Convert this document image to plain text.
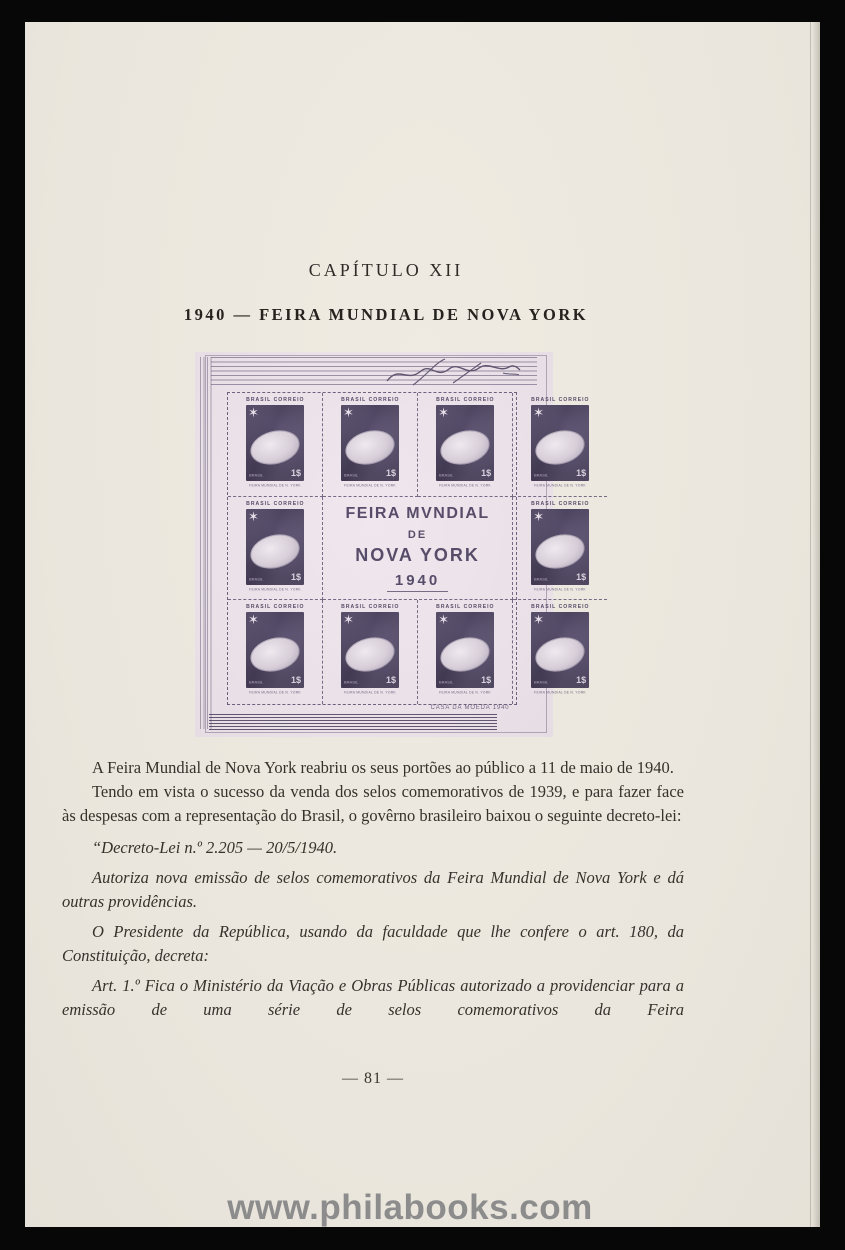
CAPÍTULO XII
1940 — FEIRA MUNDIAL DE NOVA YORK
BRASIL CORREIO
✶
BRASIL	1$
FEIRA MUNDIAL DE N. YORK
BRASIL CORREIO
✶
BRASIL	1$
FEIRA MUNDIAL DE N. YORK
BRASIL CORREIO
✶
BRASIL	1$
FEIRA MUNDIAL DE N. YORK
BRASIL CORREIO
✶
BRASIL	1$
FEIRA MUNDIAL DE N. YORK
BRASIL CORREIO
✶
BRASIL	1$
FEIRA MUNDIAL DE N. YORK
FEIRA MVNDIAL
DE
NOVA YORK
1940
BRASIL CORREIO
✶
BRASIL	1$
FEIRA MUNDIAL DE N. YORK
BRASIL CORREIO
✶
BRASIL	1$
FEIRA MUNDIAL DE N. YORK
BRASIL CORREIO
✶
BRASIL	1$
FEIRA MUNDIAL DE N. YORK
BRASIL CORREIO
✶
BRASIL	1$
FEIRA MUNDIAL DE N. YORK
BRASIL CORREIO
✶
BRASIL	1$
FEIRA MUNDIAL DE N. YORK
CASA DA MOEDA 1940

A Feira Mundial de Nova York reabriu os seus portões ao público a 11 de maio de 1940.

Tendo em vista o sucesso da venda dos selos comemorativos de 1939, e para fazer face às despesas com a representação do Brasil, o govêrno brasileiro baixou o seguinte decreto-lei:

“Decreto-Lei n.º 2.205 — 20/5/1940.

Autoriza nova emissão de selos comemorativos da Feira Mundial de Nova York e dá outras providências.

O Presidente da República, usando da faculdade que lhe confere o art. 180, da Constituição, decreta:

Art. 1.º Fica o Ministério da Viação e Obras Públicas autorizado a providenciar para a emissão de uma série de selos comemorativos da Feira

— 81 —
www.philabooks.com
